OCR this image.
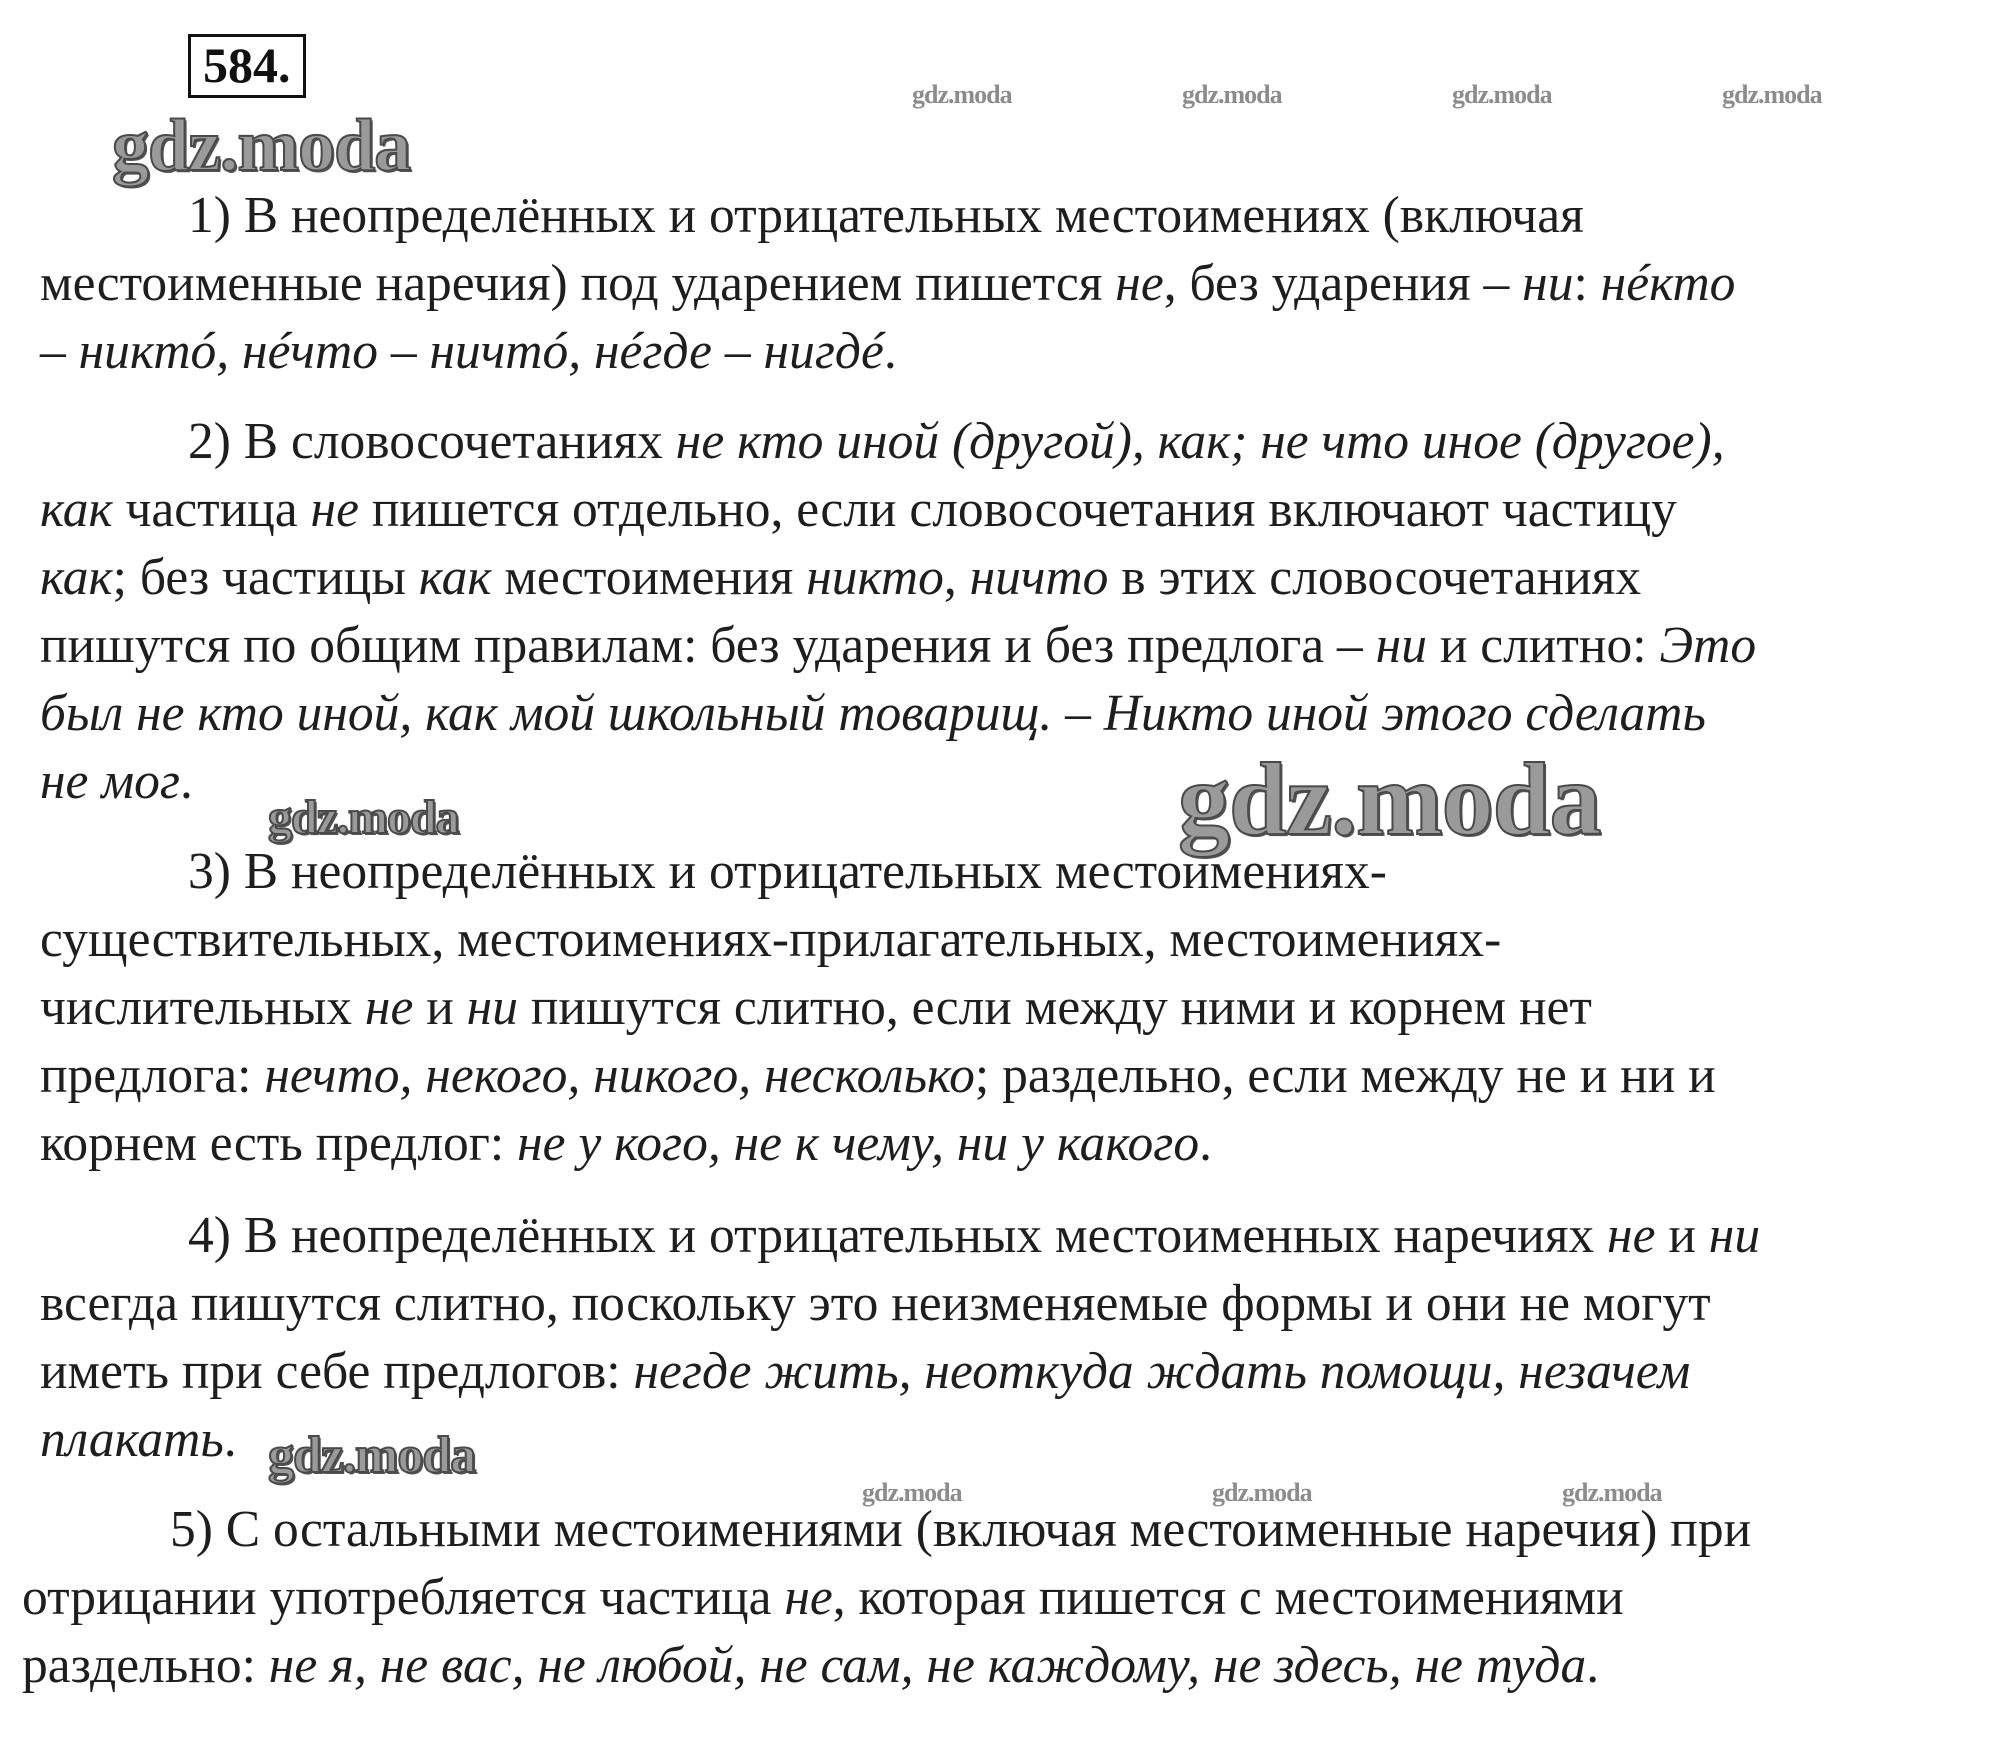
584.
gdz.moda
gdz.moda	gdz.moda	gdz.moda	gdz.moda
gdz.moda	gdz.moda
gdz.moda
gdz.moda	gdz.moda	gdz.moda
1) В неопределённых и отрицательных местоимениях (включая
местоименные наречия) под ударением пишется не, без ударения – ни: нéкто
– никтó, нéчто – ничтó, нéгде – нигдé.
2) В словосочетаниях не кто иной (другой), как; не что иное (другое),
как частица не пишется отдельно, если словосочетания включают частицу
как; без частицы как местоимения никто, ничто в этих словосочетаниях
пишутся по общим правилам: без ударения и без предлога – ни и слитно: Это
был не кто иной, как мой школьный товарищ. – Никто иной этого сделать
не мог.
3) В неопределённых и отрицательных местоимениях-
существительных, местоимениях-прилагательных, местоимениях-
числительных не и ни пишутся слитно, если между ними и корнем нет
предлога: нечто, некого, никого, несколько; раздельно, если между не и ни и
корнем есть предлог: не у кого, не к чему, ни у какого.
4) В неопределённых и отрицательных местоименных наречиях не и ни
всегда пишутся слитно, поскольку это неизменяемые формы и они не могут
иметь при себе предлогов: негде жить, неоткуда ждать помощи, незачем
плакать.
5) С остальными местоимениями (включая местоименные наречия) при
отрицании употребляется частица не, которая пишется с местоимениями
раздельно: не я, не вас, не любой, не сам, не каждому, не здесь, не туда.
